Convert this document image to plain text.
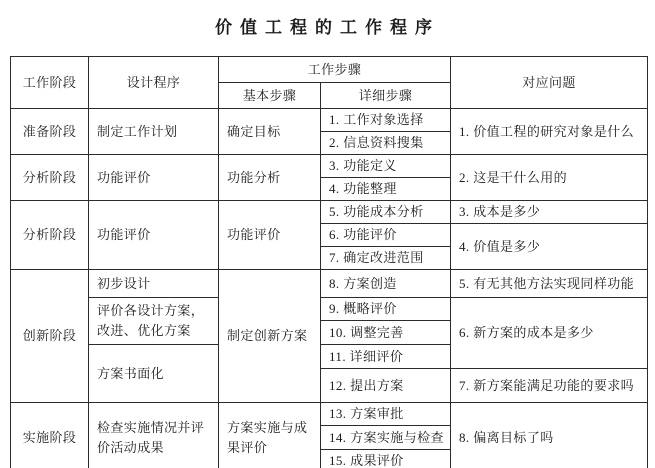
价值工程的工作程序
工作阶段	设计程序	工作步骤		对应问题
		基本步骤	详细步骤	
准备阶段	制定工作计划	确定目标	1. 工作对象选择	1. 价值工程的研究对象是什么
			2. 信息资料搜集	
分析阶段	功能评价	功能分析	3. 功能定义	2. 这是干什么用的
			4. 功能整理	
分析阶段	功能评价	功能评价	5. 功能成本分析	3. 成本是多少
			6. 功能评价	4. 价值是多少
			7. 确定改进范围	
创新阶段	初步设计	制定创新方案	8. 方案创造	5. 有无其他方法实现同样功能
	评价各设计方案，改进、优化方案		9. 概略评价	6. 新方案的成本是多少
			10. 调整完善	
	方案书面化		11. 详细评价	
			12. 提出方案	7. 新方案能满足功能的要求吗
实施阶段	检查实施情况并评价活动成果	方案实施与成果评价	13. 方案审批	8. 偏离目标了吗
			14. 方案实施与检查	
			15. 成果评价	
